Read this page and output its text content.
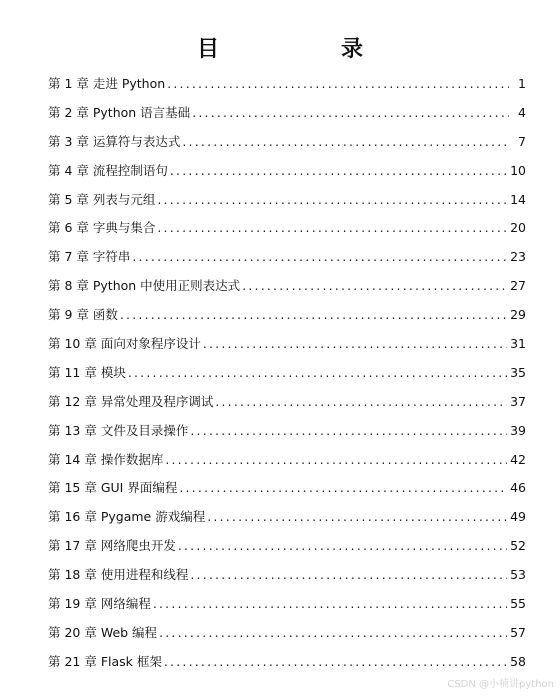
目　　录
第 1 章 走进 Python .....	1
第 2 章 Python 语言基础 .....	4
第 3 章 运算符与表达式 .....	7
第 4 章 流程控制语句 .....	10
第 5 章 列表与元组 .....	14
第 6 章 字典与集合 .....	20
第 7 章 字符串 .....	23
第 8 章 Python 中使用正则表达式 .....	27
第 9 章 函数 .....	29
第 10 章 面向对象程序设计 .....	31
第 11 章 模块 .....	35
第 12 章 异常处理及程序调试 .....	37
第 13 章 文件及目录操作 .....	39
第 14 章 操作数据库 .....	42
第 15 章 GUI 界面编程 .....	46
第 16 章 Pygame 游戏编程 .....	49
第 17 章 网络爬虫开发 .....	52
第 18 章 使用进程和线程 .....	53
第 19 章 网络编程 .....	55
第 20 章 Web 编程 .....	57
第 21 章 Flask 框架 .....	58
CSDN @小楠讲python
